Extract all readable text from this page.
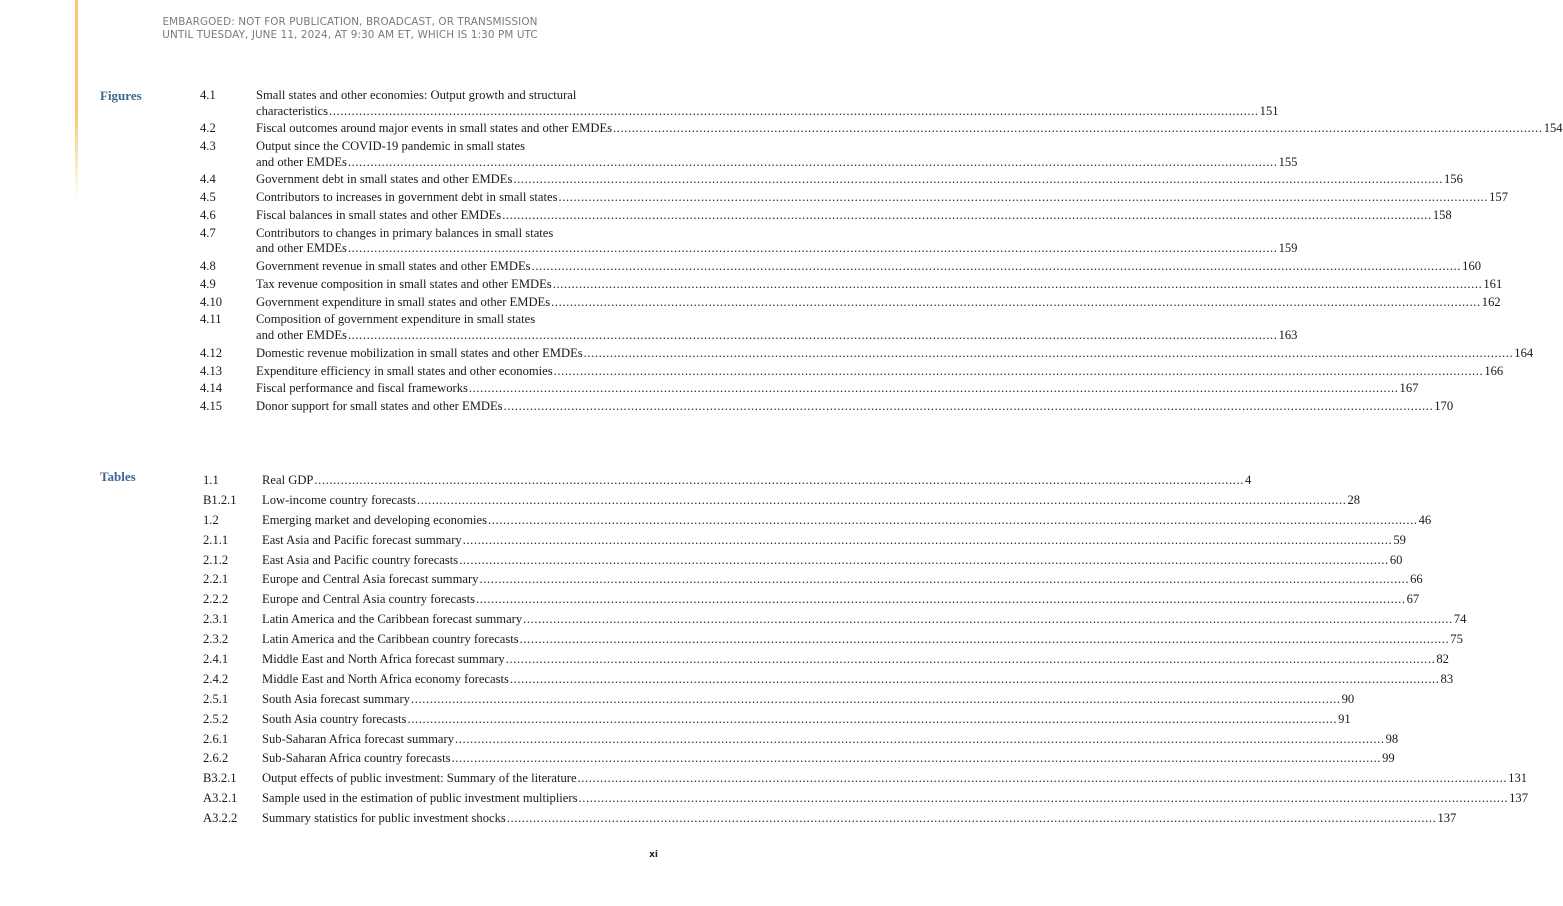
EMBARGOED: NOT FOR PUBLICATION, BROADCAST, OR TRANSMISSION
UNTIL TUESDAY, JUNE 11, 2024, AT 9:30 AM ET, WHICH IS 1:30 PM UTC
Figures	4.1	Small states and other economies: Output growth and structural
characteristics .....	151
4.2	Fiscal outcomes around major events in small states and other EMDEs .....	154
4.3	Output since the COVID-19 pandemic in small states
and other EMDEs .....	155
4.4	Government debt in small states and other EMDEs .....	156
4.5	Contributors to increases in government debt in small states .....	157
4.6	Fiscal balances in small states and other EMDEs .....	158
4.7	Contributors to changes in primary balances in small states
and other EMDEs .....	159
4.8	Government revenue in small states and other EMDEs .....	160
4.9	Tax revenue composition in small states and other EMDEs .....	161
4.10	Government expenditure in small states and other EMDEs .....	162
4.11	Composition of government expenditure in small states
and other EMDEs .....	163
4.12	Domestic revenue mobilization in small states and other EMDEs .....	164
4.13	Expenditure efficiency in small states and other economies .....	166
4.14	Fiscal performance and fiscal frameworks .....	167
4.15	Donor support for small states and other EMDEs .....	170
Tables	1.1	Real GDP .....	4
B1.2.1	Low-income country forecasts .....	28
1.2	Emerging market and developing economies .....	46
2.1.1	East Asia and Pacific forecast summary .....	59
2.1.2	East Asia and Pacific country forecasts .....	60
2.2.1	Europe and Central Asia forecast summary .....	66
2.2.2	Europe and Central Asia country forecasts .....	67
2.3.1	Latin America and the Caribbean forecast summary .....	74
2.3.2	Latin America and the Caribbean country forecasts .....	75
2.4.1	Middle East and North Africa forecast summary .....	82
2.4.2	Middle East and North Africa economy forecasts .....	83
2.5.1	South Asia forecast summary .....	90
2.5.2	South Asia country forecasts .....	91
2.6.1	Sub-Saharan Africa forecast summary .....	98
2.6.2	Sub-Saharan Africa country forecasts .....	99
B3.2.1	Output effects of public investment: Summary of the literature .....	131
A3.2.1	Sample used in the estimation of public investment multipliers .....	137
A3.2.2	Summary statistics for public investment shocks .....	137
xi
